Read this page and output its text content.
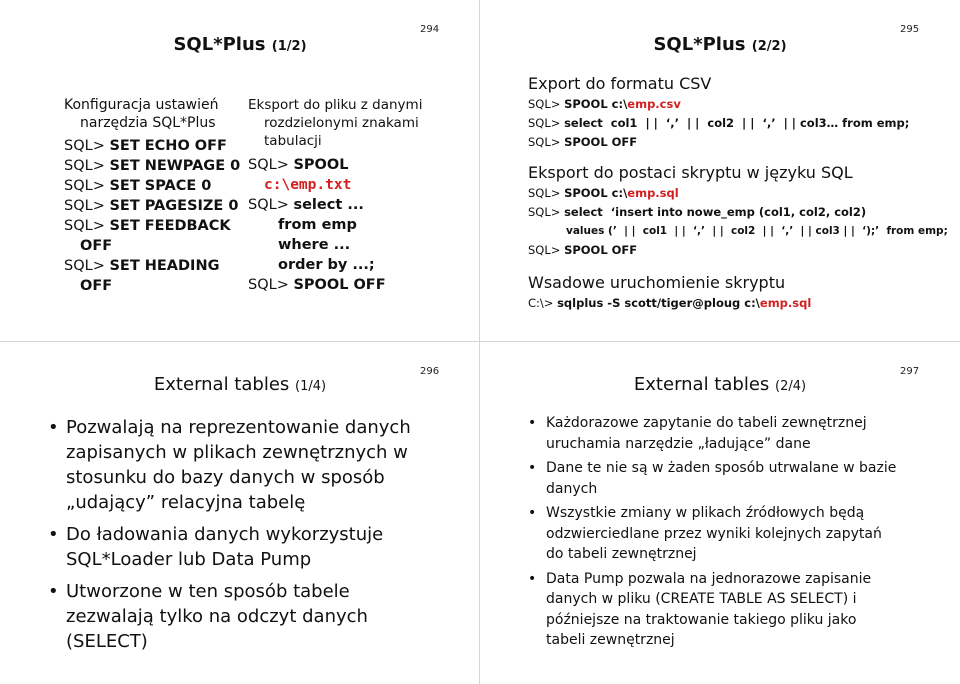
294
SQL*Plus (1/2)
Konfiguracja ustawień
narzędzia SQL*Plus
SQL> SET ECHO OFF
SQL> SET NEWPAGE 0
SQL> SET SPACE 0
SQL> SET PAGESIZE 0
SQL> SET FEEDBACK
OFF
SQL> SET HEADING
OFF
Eksport do pliku z danymi
rozdzielonymi znakami
tabulacji
SQL> SPOOL
c:\emp.txt
SQL> select ...
from emp
where ...
order by ...;
SQL> SPOOL OFF
295
SQL*Plus (2/2)
Export do formatu CSV
SQL> SPOOL c:\emp.csv
SQL> select  col1  | |  ‘,’  | |  col2  | |  ‘,’  | | col3… from emp;
SQL> SPOOL OFF
Eksport do postaci skryptu w języku SQL
SQL> SPOOL c:\emp.sql
SQL> select  ‘insert into nowe_emp (col1, col2, col2)
values (’  | |  col1  | |  ‘,’  | |  col2  | |  ‘,’  | | col3 | |  ‘);’  from emp;
SQL> SPOOL OFF
Wsadowe uruchomienie skryptu
C:\> sqlplus -S scott/tiger@ploug c:\emp.sql
296
External tables (1/4)
• Pozwalają na reprezentowanie danych zapisanych w plikach zewnętrznych w stosunku do bazy danych w sposób „udający” relacyjna tabelę
• Do ładowania danych wykorzystuje SQL*Loader lub Data Pump
• Utworzone w ten sposób tabele zezwalają tylko na odczyt danych (SELECT)
297
External tables (2/4)
• Każdorazowe zapytanie do tabeli zewnętrznej uruchamia narzędzie „ładujące” dane
• Dane te nie są w żaden sposób utrwalane w bazie danych
• Wszystkie zmiany w plikach źródłowych będą odzwierciedlane przez wyniki kolejnych zapytań do tabeli zewnętrznej
• Data Pump pozwala na jednorazowe zapisanie danych w pliku (CREATE TABLE AS SELECT) i późniejsze na traktowanie takiego pliku jako tabeli zewnętrznej
